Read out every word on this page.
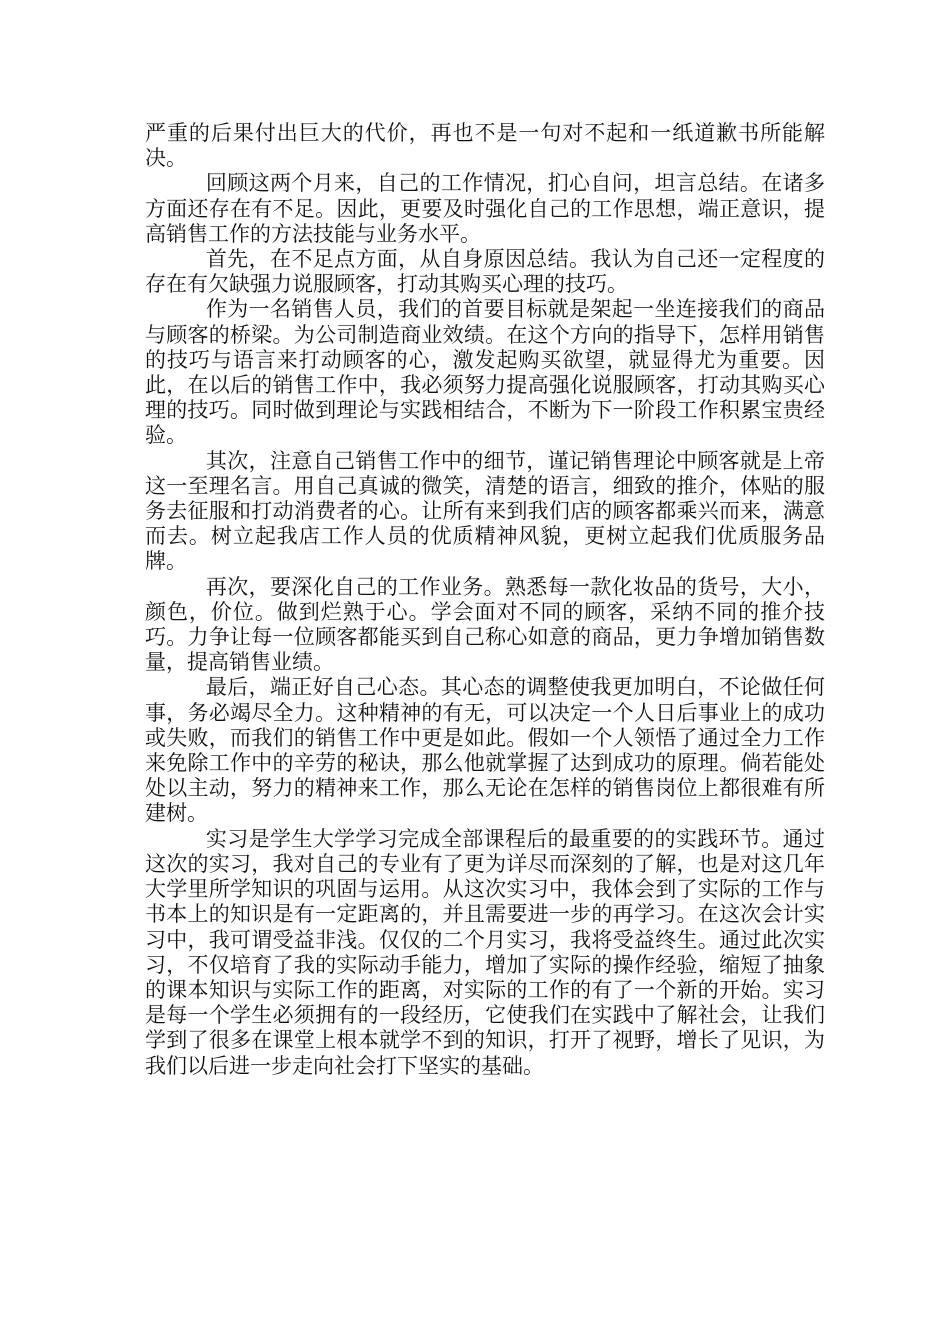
严重的后果付出巨大的代价，再也不是一句对不起和一纸道歉书所能解决。

回顾这两个月来，自己的工作情况，扪心自问，坦言总结。在诸多方面还存在有不足。因此，更要及时强化自己的工作思想，端正意识，提高销售工作的方法技能与业务水平。

首先，在不足点方面，从自身原因总结。我认为自己还一定程度的存在有欠缺强力说服顾客，打动其购买心理的技巧。

作为一名销售人员，我们的首要目标就是架起一坐连接我们的商品与顾客的桥梁。为公司制造商业效绩。在这个方向的指导下，怎样用销售的技巧与语言来打动顾客的心，激发起购买欲望，就显得尤为重要。因此，在以后的销售工作中，我必须努力提高强化说服顾客，打动其购买心理的技巧。同时做到理论与实践相结合，不断为下一阶段工作积累宝贵经验。

其次，注意自己销售工作中的细节，谨记销售理论中顾客就是上帝这一至理名言。用自己真诚的微笑，清楚的语言，细致的推介，体贴的服务去征服和打动消费者的心。让所有来到我们店的顾客都乘兴而来，满意而去。树立起我店工作人员的优质精神风貌，更树立起我们优质服务品牌。

再次，要深化自己的工作业务。熟悉每一款化妆品的货号，大小，颜色，价位。做到烂熟于心。学会面对不同的顾客，采纳不同的推介技巧。力争让每一位顾客都能买到自己称心如意的商品，更力争增加销售数量，提高销售业绩。

最后，端正好自己心态。其心态的调整使我更加明白，不论做任何事，务必竭尽全力。这种精神的有无，可以决定一个人日后事业上的成功或失败，而我们的销售工作中更是如此。假如一个人领悟了通过全力工作来免除工作中的辛劳的秘诀，那么他就掌握了达到成功的原理。倘若能处处以主动，努力的精神来工作，那么无论在怎样的销售岗位上都很难有所建树。

实习是学生大学学习完成全部课程后的最重要的的实践环节。通过这次的实习，我对自己的专业有了更为详尽而深刻的了解，也是对这几年大学里所学知识的巩固与运用。从这次实习中，我体会到了实际的工作与书本上的知识是有一定距离的，并且需要进一步的再学习。在这次会计实习中，我可谓受益非浅。仅仅的二个月实习，我将受益终生。通过此次实习，不仅培育了我的实际动手能力，增加了实际的操作经验，缩短了抽象的课本知识与实际工作的距离，对实际的工作的有了一个新的开始。实习是每一个学生必须拥有的一段经历，它使我们在实践中了解社会，让我们学到了很多在课堂上根本就学不到的知识，打开了视野，增长了见识，为我们以后进一步走向社会打下坚实的基础。
